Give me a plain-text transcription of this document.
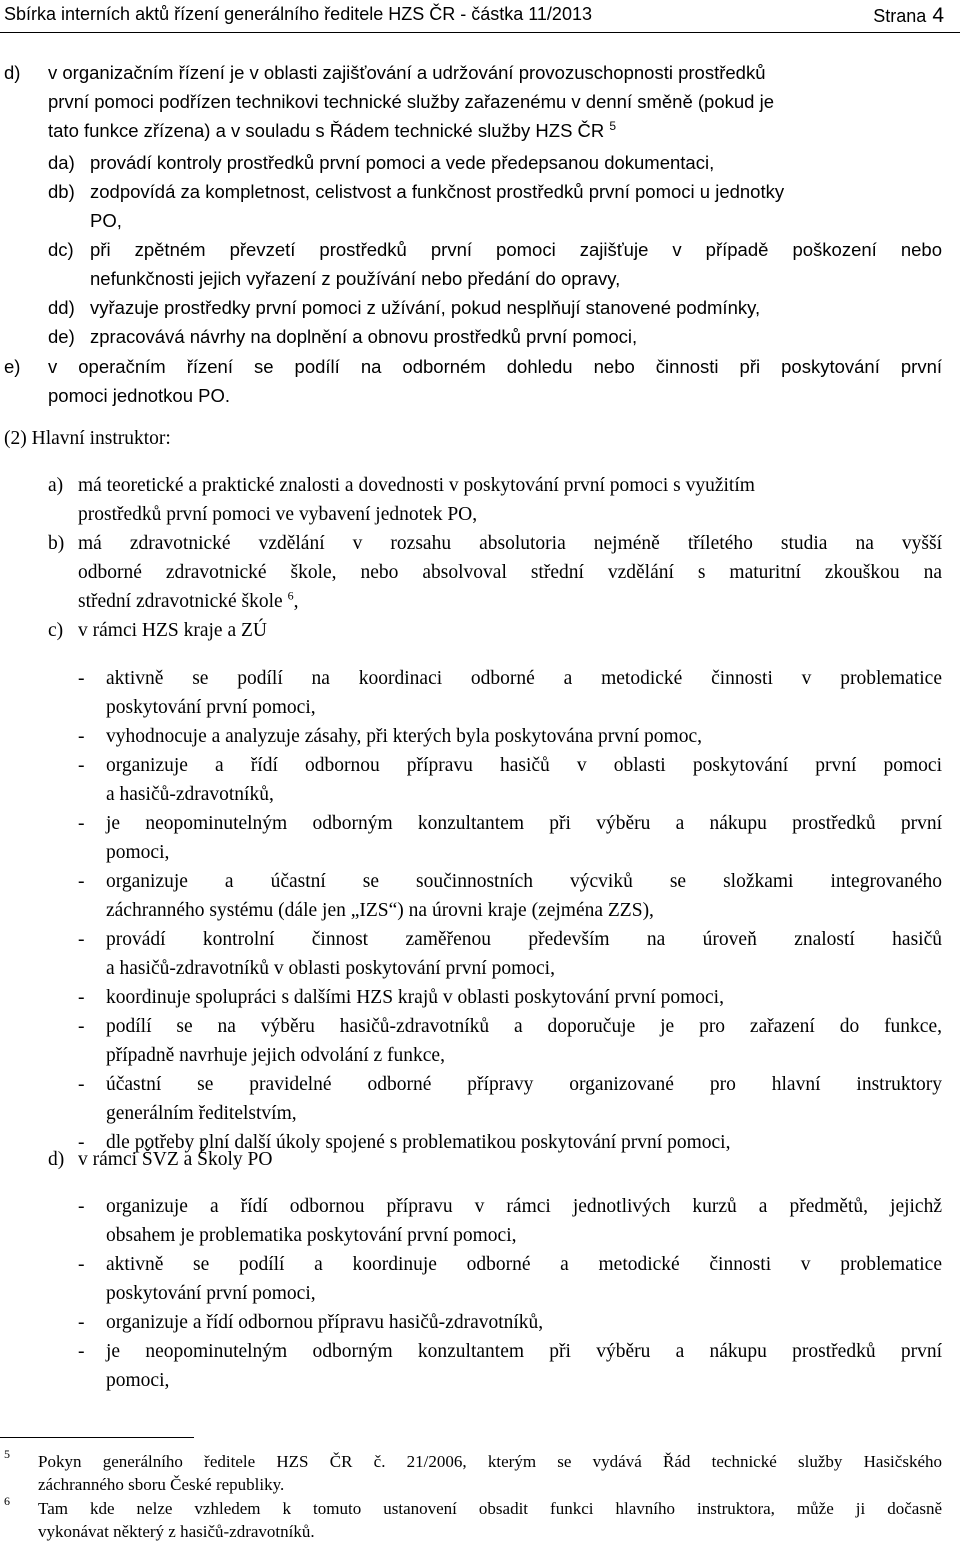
Sbírka interních aktů řízení generálního ředitele HZS ČR - částka 11/2013	Strana 4
d) v organizačním řízení je v oblasti zajišťování a udržování provozuschopnosti prostředků
první pomoci podřízen technikovi technické služby zařazenému v denní směně (pokud je
tato funkce zřízena) a v souladu s Řádem technické služby HZS ČR $^5$
da) provádí kontroly prostředků první pomoci a vede předepsanou dokumentaci,
db) zodpovídá za kompletnost, celistvost a funkčnost prostředků první pomoci u jednotky
PO,
dc) při zpětném převzetí prostředků první pomoci zajišťuje v případě poškození nebo
nefunkčnosti jejich vyřazení z používání nebo předání do opravy,
dd) vyřazuje prostředky první pomoci z užívání, pokud nesplňují stanovené podmínky,
de) zpracovává návrhy na doplnění a obnovu prostředků první pomoci,
e) v operačním řízení se podílí na odborném dohledu nebo činnosti při poskytování první
pomoci jednotkou PO.
(2) Hlavní instruktor:
a) má teoretické a praktické znalosti a dovednosti v poskytování první pomoci s využitím
prostředků první pomoci ve vybavení jednotek PO,
b) má zdravotnické vzdělání v rozsahu absolutoria nejméně tříletého studia na vyšší
odborné zdravotnické škole, nebo absolvoval střední vzdělání s maturitní zkouškou na
střední zdravotnické škole $^6$,
c) v rámci HZS kraje a ZÚ
- aktivně se podílí na koordinaci odborné a metodické činnosti v problematice
poskytování první pomoci,
- vyhodnocuje a analyzuje zásahy, při kterých byla poskytována první pomoc,
- organizuje a řídí odbornou přípravu hasičů v oblasti poskytování první pomoci
a hasičů-zdravotníků,
- je neopominutelným odborným konzultantem při výběru a nákupu prostředků první
pomoci,
- organizuje a účastní se součinnostních výcviků se složkami integrovaného
záchranného systému (dále jen „IZS“) na úrovni kraje (zejména ZZS),
- provádí kontrolní činnost zaměřenou především na úroveň znalostí hasičů
a hasičů-zdravotníků v oblasti poskytování první pomoci,
- koordinuje spolupráci s dalšími HZS krajů v oblasti poskytování první pomoci,
- podílí se na výběru hasičů-zdravotníků a doporučuje je pro zařazení do funkce,
případně navrhuje jejich odvolání z funkce,
- účastní se pravidelné odborné přípravy organizované pro hlavní instruktory
generálním ředitelstvím,
- dle potřeby plní další úkoly spojené s problematikou poskytování první pomoci,
d) v rámci ŠVZ a Školy PO
- organizuje a řídí odbornou přípravu v rámci jednotlivých kurzů a předmětů, jejichž
obsahem je problematika poskytování první pomoci,
- aktivně se podílí a koordinuje odborné a metodické činnosti v problematice
poskytování první pomoci,
- organizuje a řídí odbornou přípravu hasičů-zdravotníků,
- je neopominutelným odborným konzultantem při výběru a nákupu prostředků první
pomoci,
5 Pokyn generálního ředitele HZS ČR č. 21/2006, kterým se vydává Řád technické služby Hasičského
záchranného sboru České republiky.
6 Tam kde nelze vzhledem k tomuto ustanovení obsadit funkci hlavního instruktora, může ji dočasně
vykonávat některý z hasičů-zdravotníků.
